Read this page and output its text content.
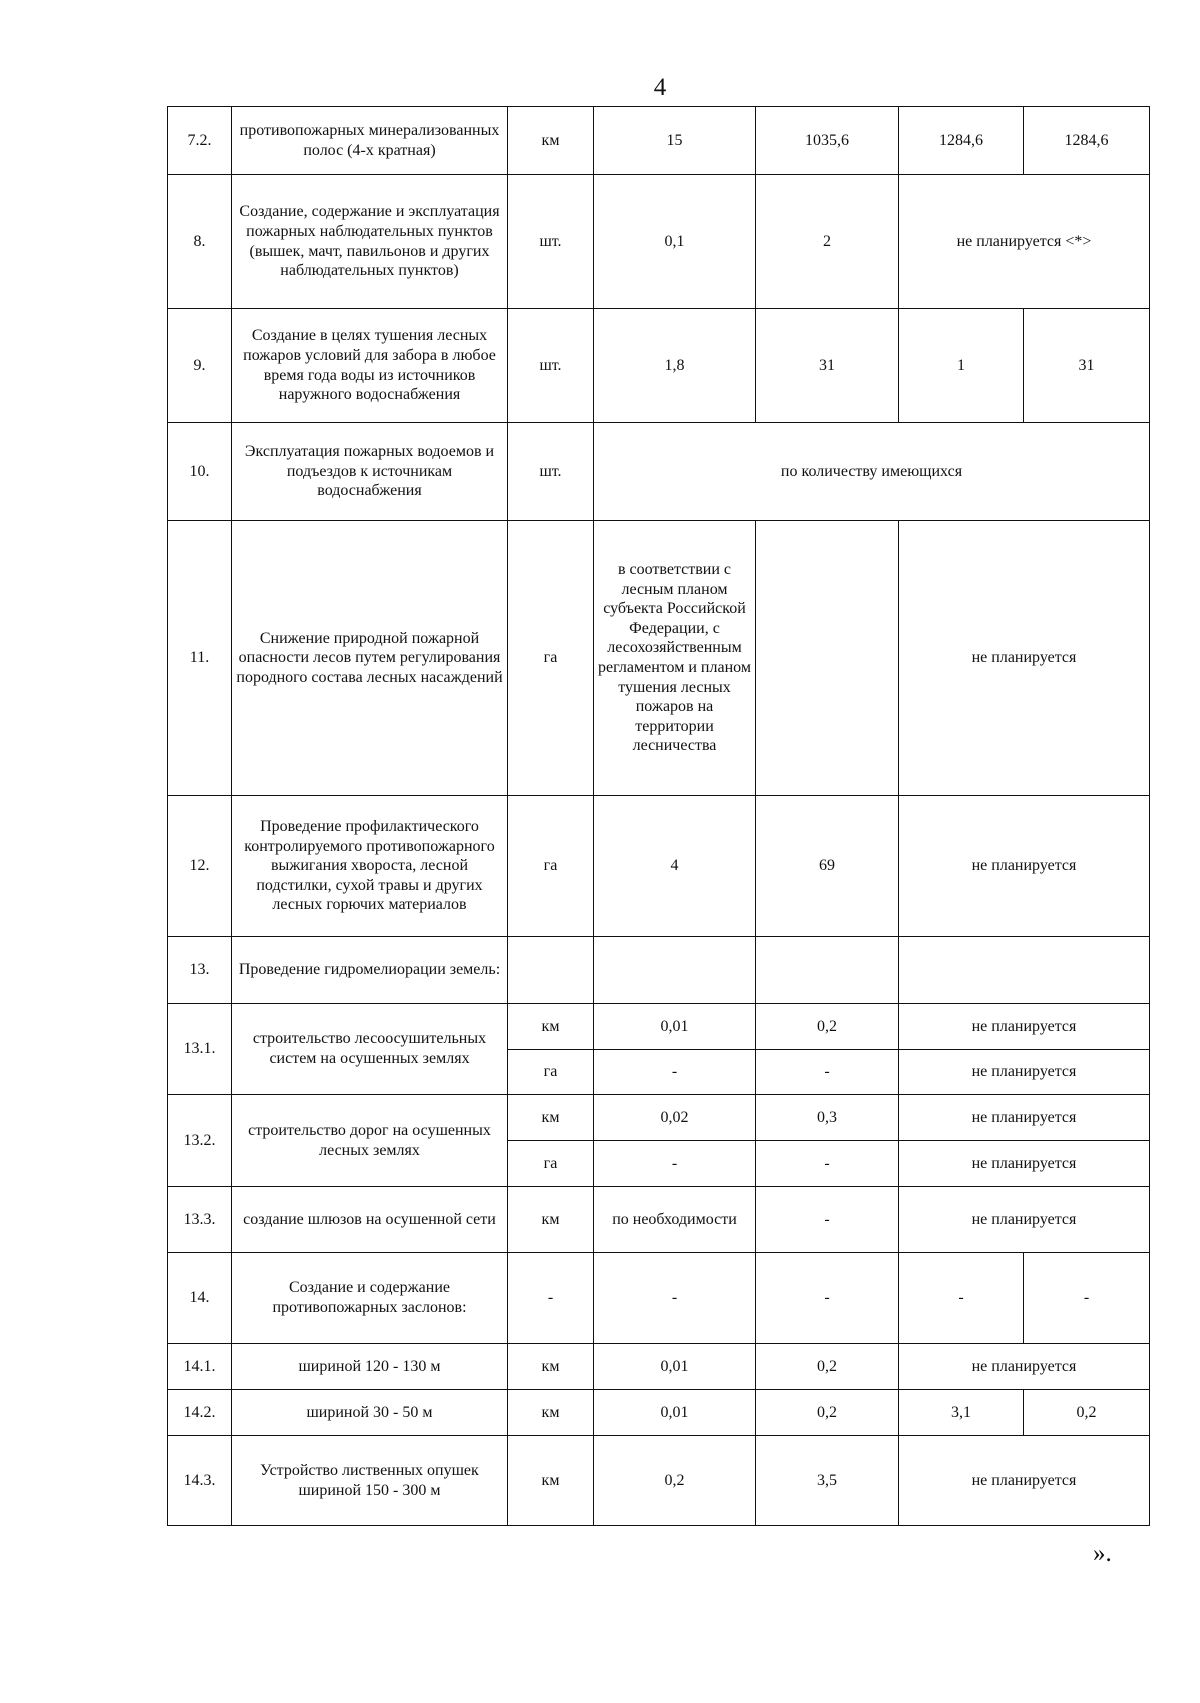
4
7.2.	противопожарных минерализованных полос (4-х кратная)	км	15	1035,6	1284,6	1284,6
8.	Создание, содержание и эксплуатация пожарных наблюдательных пунктов (вышек, мачт, павильонов и других наблюдательных пунктов)	шт.	0,1	2	не планируется <*>	
9.	Создание в целях тушения лесных пожаров условий для забора в любое время года воды из источников наружного водоснабжения	шт.	1,8	31	1	31
10.	Эксплуатация пожарных водоемов и подъездов к источникам водоснабжения	шт.	по количеству имеющихся			
11.	Снижение природной пожарной опасности лесов путем регулирования породного состава лесных насаждений	га	в соответствии с лесным планом субъекта Российской Федерации, с лесохозяйственным регламентом и планом тушения лесных пожаров на территории лесничества		не планируется	
12.	Проведение профилактического контролируемого противопожарного выжигания хвороста, лесной подстилки, сухой травы и других лесных горючих материалов	га	4	69	не планируется	
13.	Проведение гидромелиорации земель:					
13.1.	строительство лесоосушительных систем на осушенных землях	км	0,01	0,2	не планируется	
		га	-	-	не планируется	
13.2.	строительство дорог на осушенных лесных землях	км	0,02	0,3	не планируется	
		га	-	-	не планируется	
13.3.	создание шлюзов на осушенной сети	км	по необходимости	-	не планируется	
14.	Создание и содержание противопожарных заслонов:	-	-	-	-	-
14.1.	шириной 120 - 130 м	км	0,01	0,2	не планируется	
14.2.	шириной 30 - 50 м	км	0,01	0,2	3,1	0,2
14.3.	Устройство лиственных опушек шириной 150 - 300 м	км	0,2	3,5	не планируется	
».
